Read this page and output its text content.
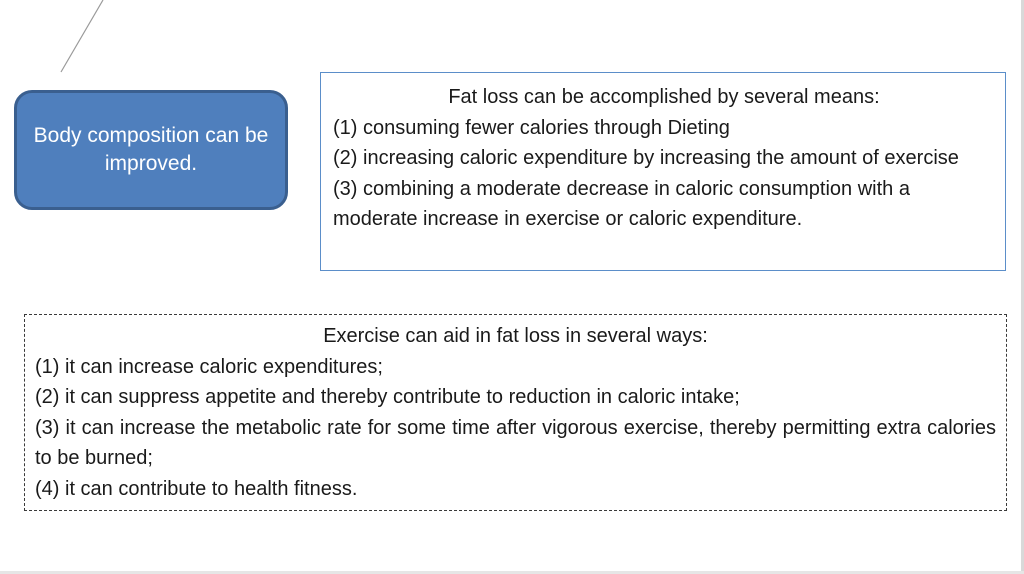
Body composition can be improved.

Fat loss can be accomplished by several means:

(1) consuming fewer calories through Dieting

(2) increasing caloric expenditure by increasing the amount of exercise

(3) combining a moderate decrease in caloric consumption with a moderate increase in exercise or caloric expenditure.

Exercise can aid in fat loss in several ways:

(1) it can increase caloric expenditures;

(2) it can suppress appetite and thereby contribute to reduction in caloric intake;

(3) it can increase the metabolic rate for some time after vigorous exercise, thereby permitting extra calories to be burned;

(4) it can contribute to health fitness.
